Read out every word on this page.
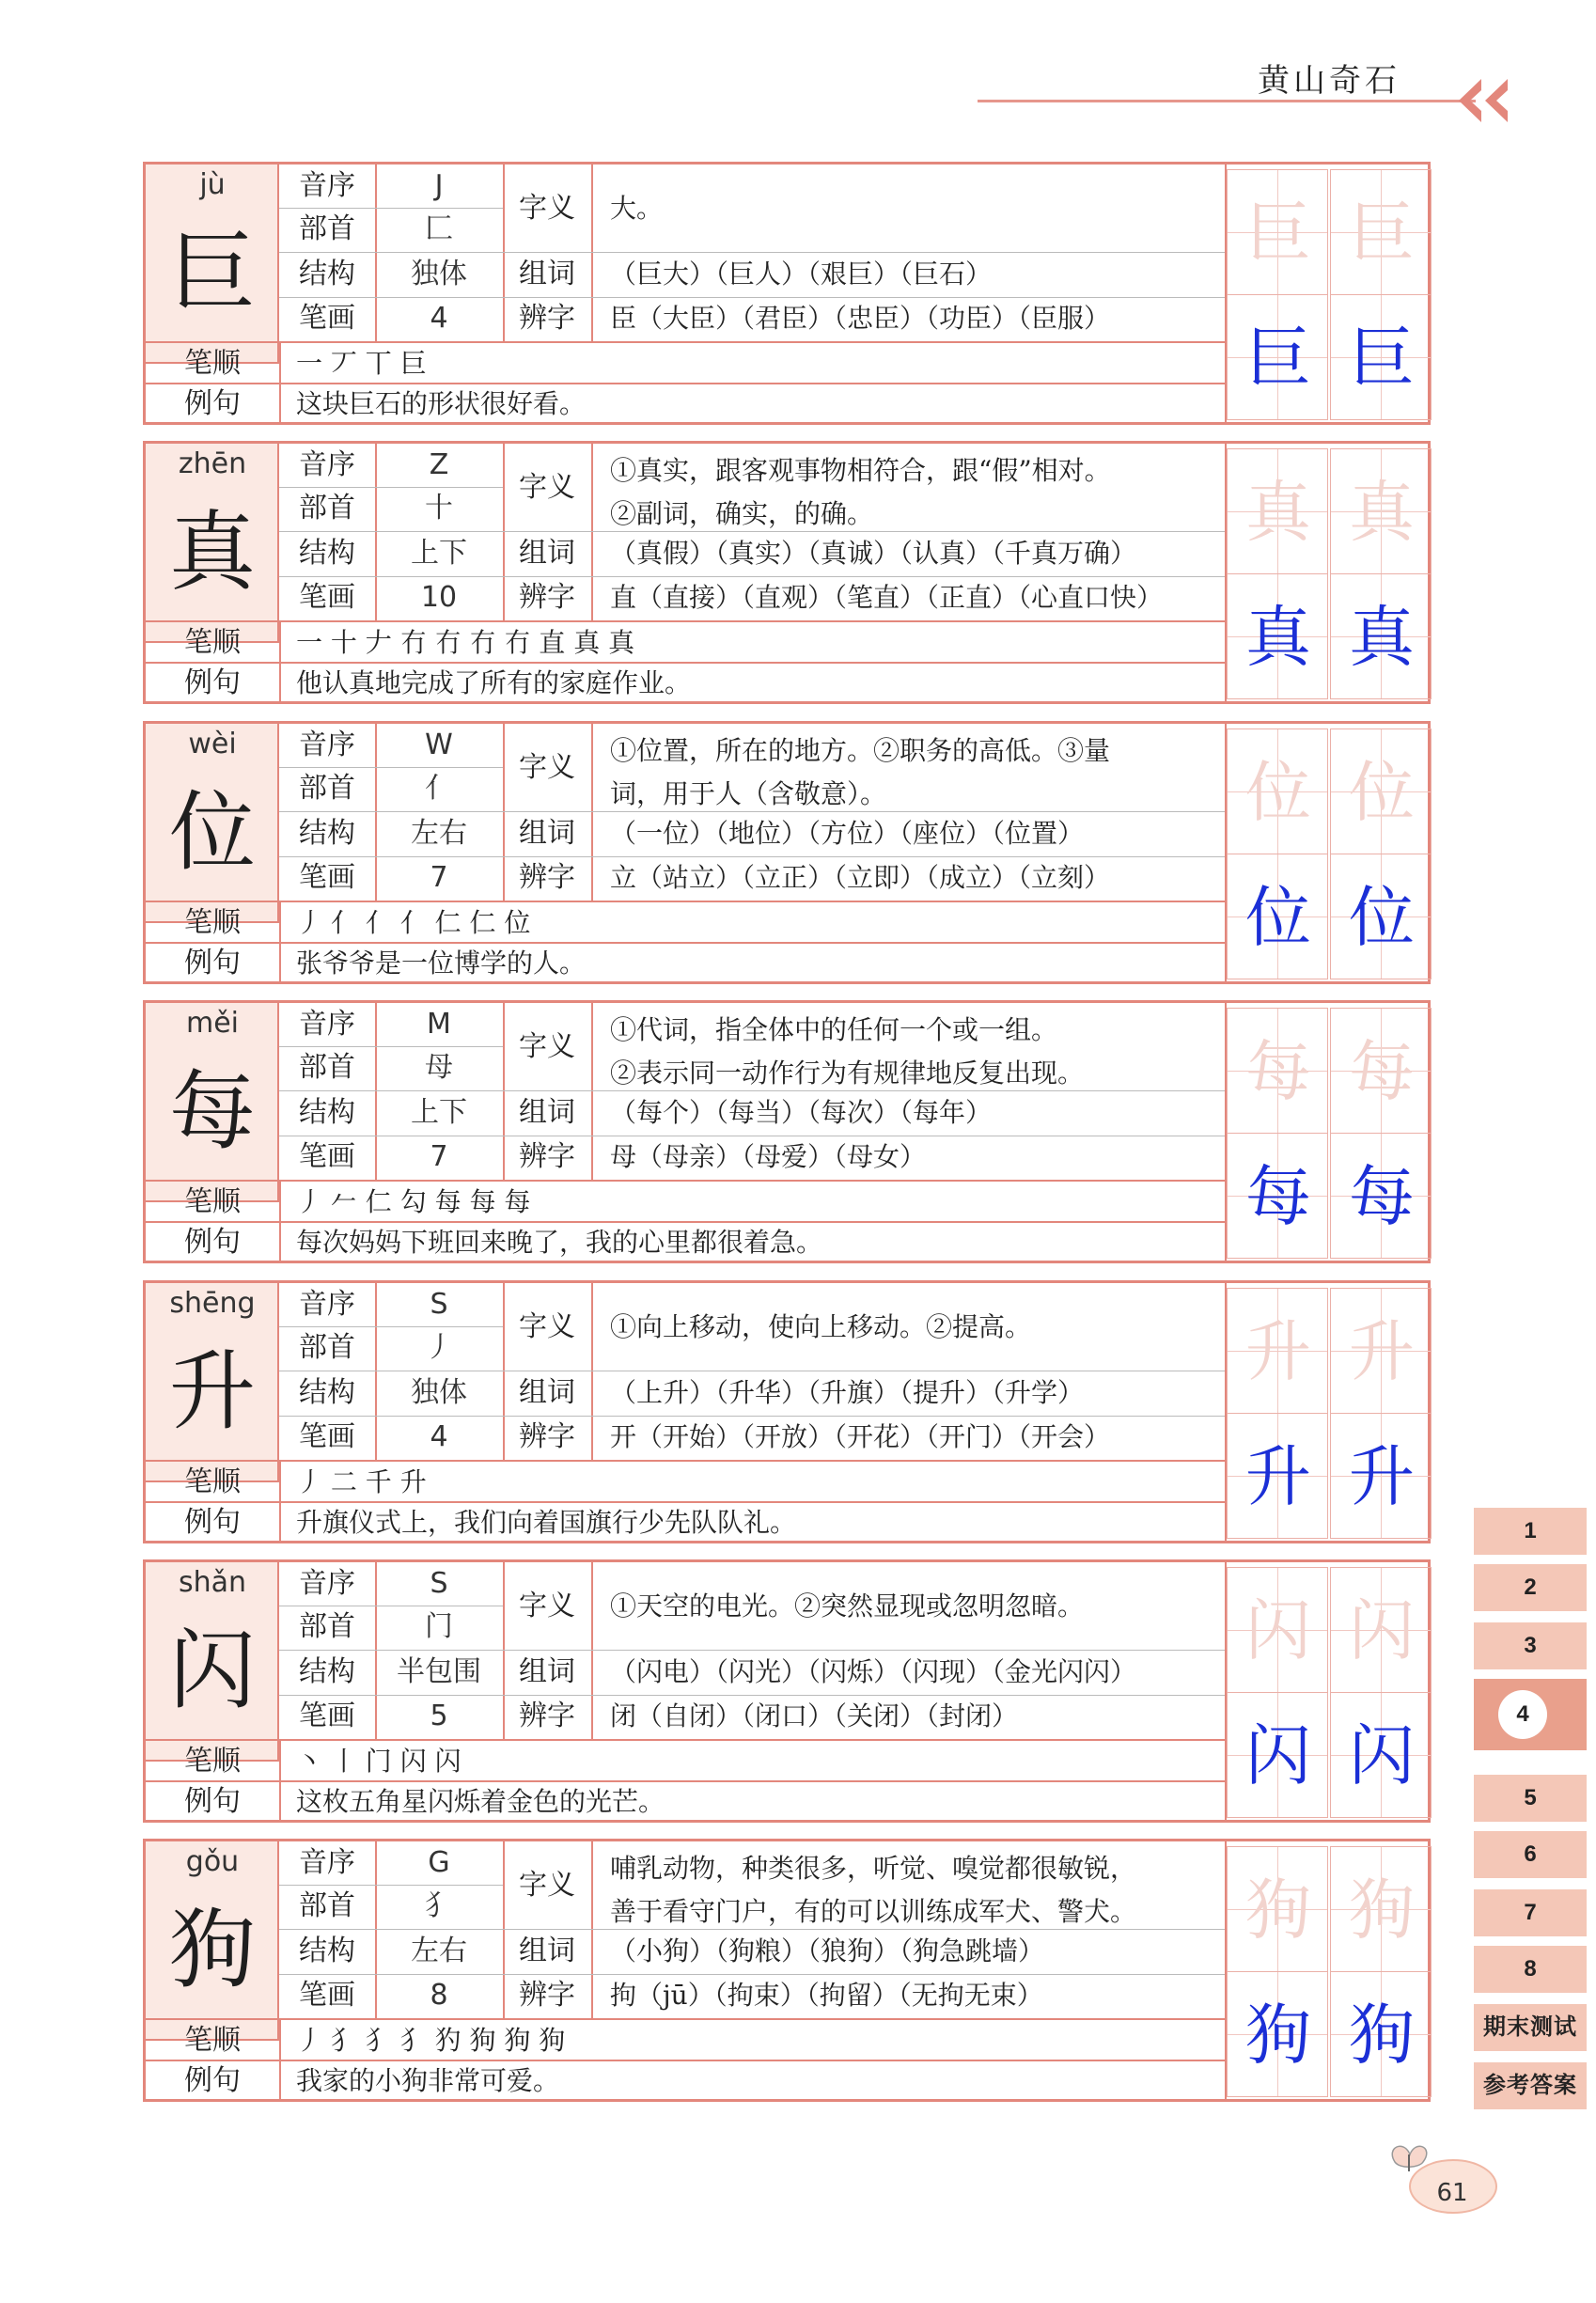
黄山奇石
jù
巨
音序
部首
结构
笔画
J
匚
独体
4
字义
组词
辨字
大。
（巨大）（巨人）（艰巨）（巨石）
臣（大臣）（君臣）（忠臣）（功臣）（臣服）
笔顺
例句
一 丆 丅 巨
这块巨石的形状很好看。
巨 巨
巨 巨
zhēn
真
音序
部首
结构
笔画
Z
十
上下
10
字义
组词
辨字
①真实，跟客观事物相符合，跟“假”相对。
②副词，确实，的确。
（真假）（真实）（真诚）（认真）（千真万确）
直（直接）（直观）（笔直）（正直）（心直口快）
笔顺
例句
一 十 𠂇 冇 冇 冇 冇 直 真 真
他认真地完成了所有的家庭作业。
真 真
真 真
wèi
位
音序
部首
结构
笔画
W
亻
左右
7
字义
组词
辨字
①位置，所在的地方。②职务的高低。③量
词，用于人（含敬意）。
（一位）（地位）（方位）（座位）（位置）
立（站立）（立正）（立即）（成立）（立刻）
笔顺
例句
丿 亻 亻 亻 仁 仁 位
张爷爷是一位博学的人。
位 位
位 位
měi
每
音序
部首
结构
笔画
M
母
上下
7
字义
组词
辨字
①代词，指全体中的任何一个或一组。
②表示同一动作行为有规律地反复出现。
（每个）（每当）（每次）（每年）
母（母亲）（母爱）（母女）
笔顺
例句
丿 𠂉 仁 勾 每 每 每
每次妈妈下班回来晚了，我的心里都很着急。
每 每
每 每
shēng
升
音序
部首
结构
笔画
S
丿
独体
4
字义
组词
辨字
①向上移动，使向上移动。②提高。
（上升）（升华）（升旗）（提升）（升学）
开（开始）（开放）（开花）（开门）（开会）
笔顺
例句
丿 二 千 升
升旗仪式上，我们向着国旗行少先队队礼。
升 升
升 升
shǎn
闪
音序
部首
结构
笔画
S
门
半包围
5
字义
组词
辨字
①天空的电光。②突然显现或忽明忽暗。
（闪电）（闪光）（闪烁）（闪现）（金光闪闪）
闭（自闭）（闭口）（关闭）（封闭）
笔顺
例句
丶 丨 门 闪 闪
这枚五角星闪烁着金色的光芒。
闪 闪
闪 闪
gǒu
狗
音序
部首
结构
笔画
G
犭
左右
8
字义
组词
辨字
哺乳动物，种类很多，听觉、嗅觉都很敏锐，
善于看守门户，有的可以训练成军犬、警犬。
（小狗）（狗粮）（狼狗）（狗急跳墙）
拘（jū）（拘束）（拘留）（无拘无束）
笔顺
例句
丿 犭 犭 犭 犳 狗 狗 狗
我家的小狗非常可爱。
狗 狗
狗 狗
1
2
3
4
5
6
7
8
期末测试
参考答案
61
